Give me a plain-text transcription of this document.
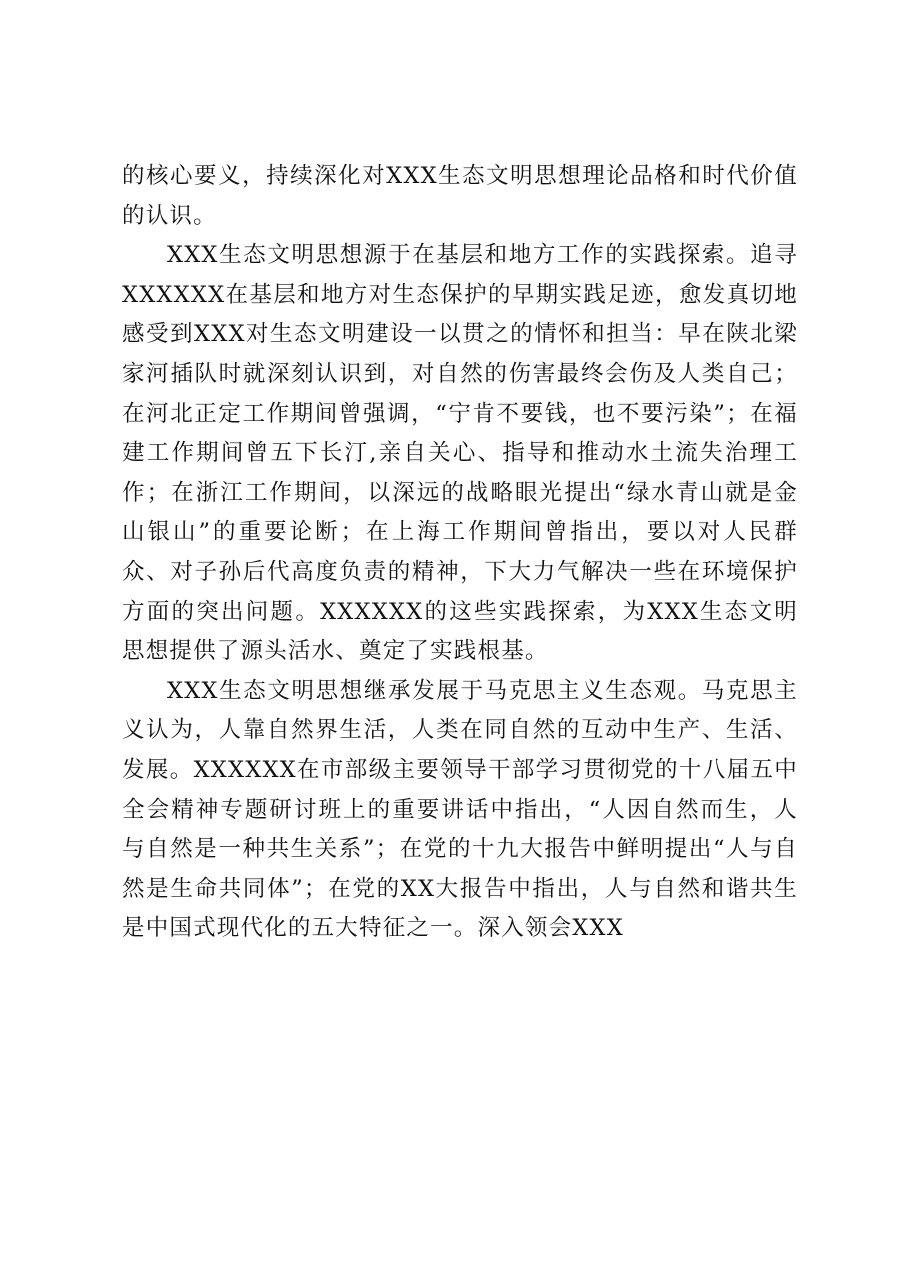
的核心要义，持续深化对XXX生态文明思想理论品格和时代价值的认识。

XXX生态文明思想源于在基层和地方工作的实践探索。追寻XXXXXX在基层和地方对生态保护的早期实践足迹，愈发真切地感受到XXX对生态文明建设一以贯之的情怀和担当：早在陕北梁家河插队时就深刻认识到，对自然的伤害最终会伤及人类自己；在河北正定工作期间曾强调，“宁肯不要钱，也不要污染”；在福建工作期间曾五下长汀,亲自关心、指导和推动水土流失治理工作；在浙江工作期间，以深远的战略眼光提出“绿水青山就是金山银山”的重要论断；在上海工作期间曾指出，要以对人民群众、对子孙后代高度负责的精神，下大力气解决一些在环境保护方面的突出问题。XXXXXX的这些实践探索，为XXX生态文明思想提供了源头活水、奠定了实践根基。

XXX生态文明思想继承发展于马克思主义生态观。马克思主义认为，人靠自然界生活，人类在同自然的互动中生产、生活、发展。XXXXXX在市部级主要领导干部学习贯彻党的十八届五中全会精神专题研讨班上的重要讲话中指出，“人因自然而生，人与自然是一种共生关系”；在党的十九大报告中鲜明提出“人与自然是生命共同体”；在党的XX大报告中指出，人与自然和谐共生是中国式现代化的五大特征之一。深入领会XXX
